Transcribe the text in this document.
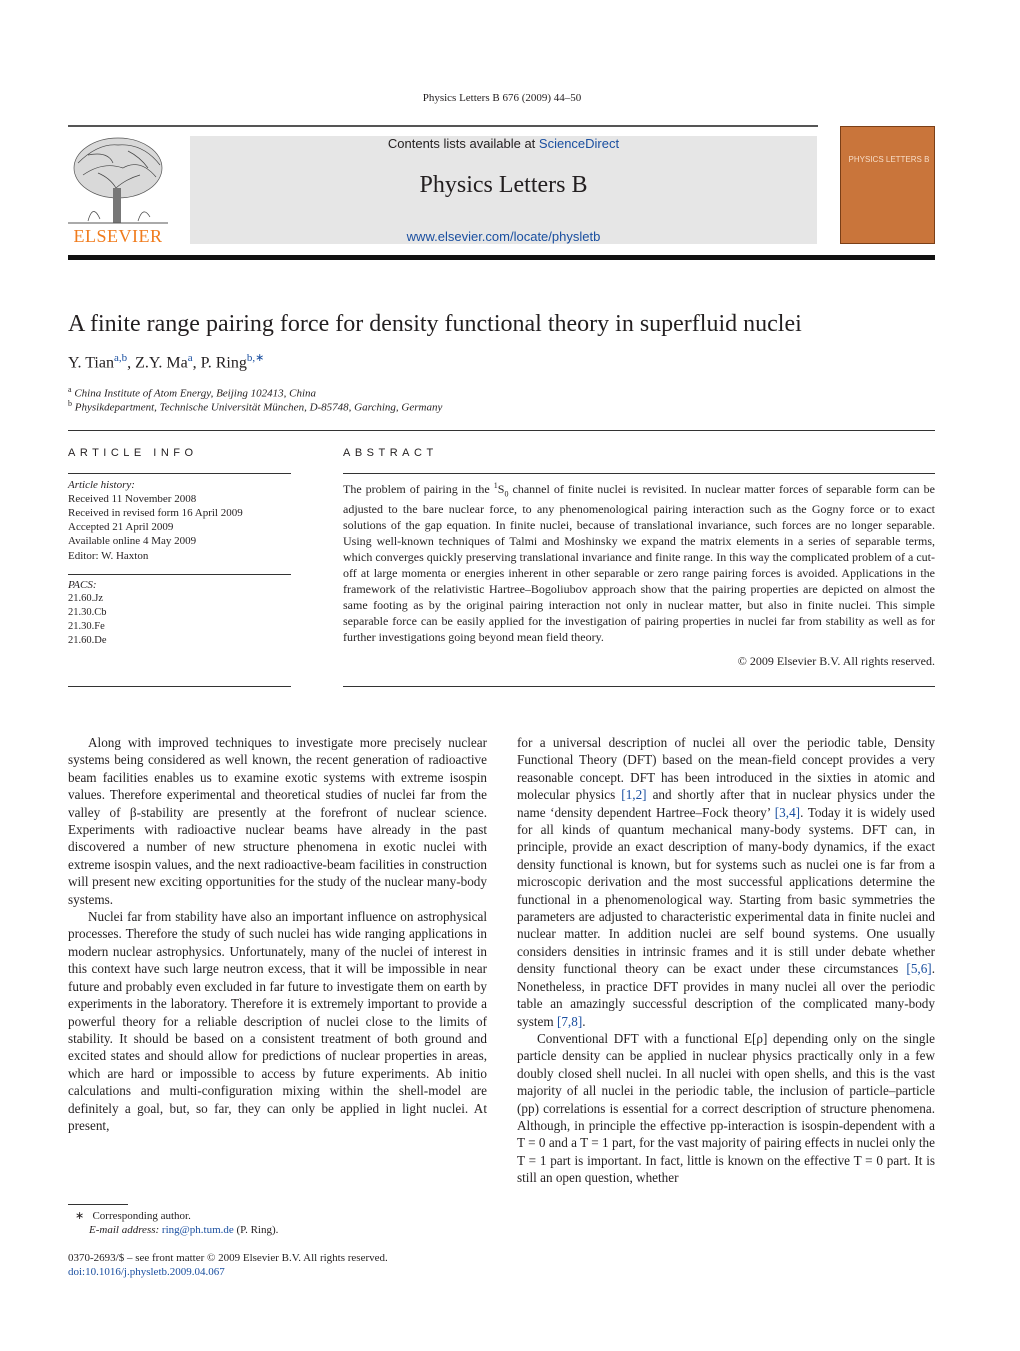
Physics Letters B 676 (2009) 44–50
ELSEVIER
Contents lists available at ScienceDirect
Physics Letters B
www.elsevier.com/locate/physletb
PHYSICS LETTERS B
A finite range pairing force for density functional theory in superfluid nuclei
Y. Tian$^{a,b}$, Z.Y. Ma$^a$, P. Ring$^{b,∗}$
$^a$ China Institute of Atom Energy, Beijing 102413, China
$^b$ Physikdepartment, Technische Universität München, D-85748, Garching, Germany
ARTICLE INFO	ABSTRACT
Article history:
Received 11 November 2008
Received in revised form 16 April 2009
Accepted 21 April 2009
Available online 4 May 2009
Editor: W. Haxton
PACS:
21.60.Jz
21.30.Cb
21.30.Fe
21.60.De
The problem of pairing in the $^1S_0$ channel of finite nuclei is revisited. In nuclear matter forces of separable form can be adjusted to the bare nuclear force, to any phenomenological pairing interaction such as the Gogny force or to exact solutions of the gap equation. In finite nuclei, because of translational invariance, such forces are no longer separable. Using well-known techniques of Talmi and Moshinsky we expand the matrix elements in a series of separable terms, which converges quickly preserving translational invariance and finite range. In this way the complicated problem of a cut-off at large momenta or energies inherent in other separable or zero range pairing forces is avoided. Applications in the framework of the relativistic Hartree–Bogoliubov approach show that the pairing properties are depicted on almost the same footing as by the original pairing interaction not only in nuclear matter, but also in finite nuclei. This simple separable force can be easily applied for the investigation of pairing properties in nuclei far from stability as well as for further investigations going beyond mean field theory.
© 2009 Elsevier B.V. All rights reserved.

Along with improved techniques to investigate more precisely nuclear systems being considered as well known, the recent generation of radioactive beam facilities enables us to examine exotic systems with extreme isospin values. Therefore experimental and theoretical studies of nuclei far from the valley of β-stability are presently at the forefront of nuclear science. Experiments with radioactive nuclear beams have already in the past discovered a number of new structure phenomena in exotic nuclei with extreme isospin values, and the next radioactive-beam facilities in construction will present new exciting opportunities for the study of the nuclear many-body systems.

Nuclei far from stability have also an important influence on astrophysical processes. Therefore the study of such nuclei has wide ranging applications in modern nuclear astrophysics. Unfortunately, many of the nuclei of interest in this context have such large neutron excess, that it will be impossible in near future and probably even excluded in far future to investigate them on earth by experiments in the laboratory. Therefore it is extremely important to provide a powerful theory for a reliable description of nuclei close to the limits of stability. It should be based on a consistent treatment of both ground and excited states and should allow for predictions of nuclear properties in areas, which are hard or impossible to access by future experiments. Ab initio calculations and multi-configuration mixing within the shell-model are definitely a goal, but, so far, they can only be applied in light nuclei. At present,

for a universal description of nuclei all over the periodic table, Density Functional Theory (DFT) based on the mean-field concept provides a very reasonable concept. DFT has been introduced in the sixties in atomic and molecular physics [1,2] and shortly after that in nuclear physics under the name ‘density dependent Hartree–Fock theory’ [3,4]. Today it is widely used for all kinds of quantum mechanical many-body systems. DFT can, in principle, provide an exact description of many-body dynamics, if the exact density functional is known, but for systems such as nuclei one is far from a microscopic derivation and the most successful applications determine the functional in a phenomenological way. Starting from basic symmetries the parameters are adjusted to characteristic experimental data in finite nuclei and nuclear matter. In addition nuclei are self bound systems. One usually considers densities in intrinsic frames and it is still under debate whether density functional theory can be exact under these circumstances [5,6]. Nonetheless, in practice DFT provides in many nuclei all over the periodic table an amazingly successful description of the complicated many-body system [7,8].

Conventional DFT with a functional E[ρ] depending only on the single particle density can be applied in nuclear physics practically only in a few doubly closed shell nuclei. In all nuclei with open shells, and this is the vast majority of all nuclei in the periodic table, the inclusion of particle–particle (pp) correlations is essential for a correct description of structure phenomena. Although, in principle the effective pp-interaction is isospin-dependent with a T = 0 and a T = 1 part, for the vast majority of pairing effects in nuclei only the T = 1 part is important. In fact, little is known on the effective T = 0 part. It is still an open question, whether

∗ Corresponding author.
E-mail address: ring@ph.tum.de (P. Ring).
0370-2693/$ – see front matter © 2009 Elsevier B.V. All rights reserved.
doi:10.1016/j.physletb.2009.04.067
